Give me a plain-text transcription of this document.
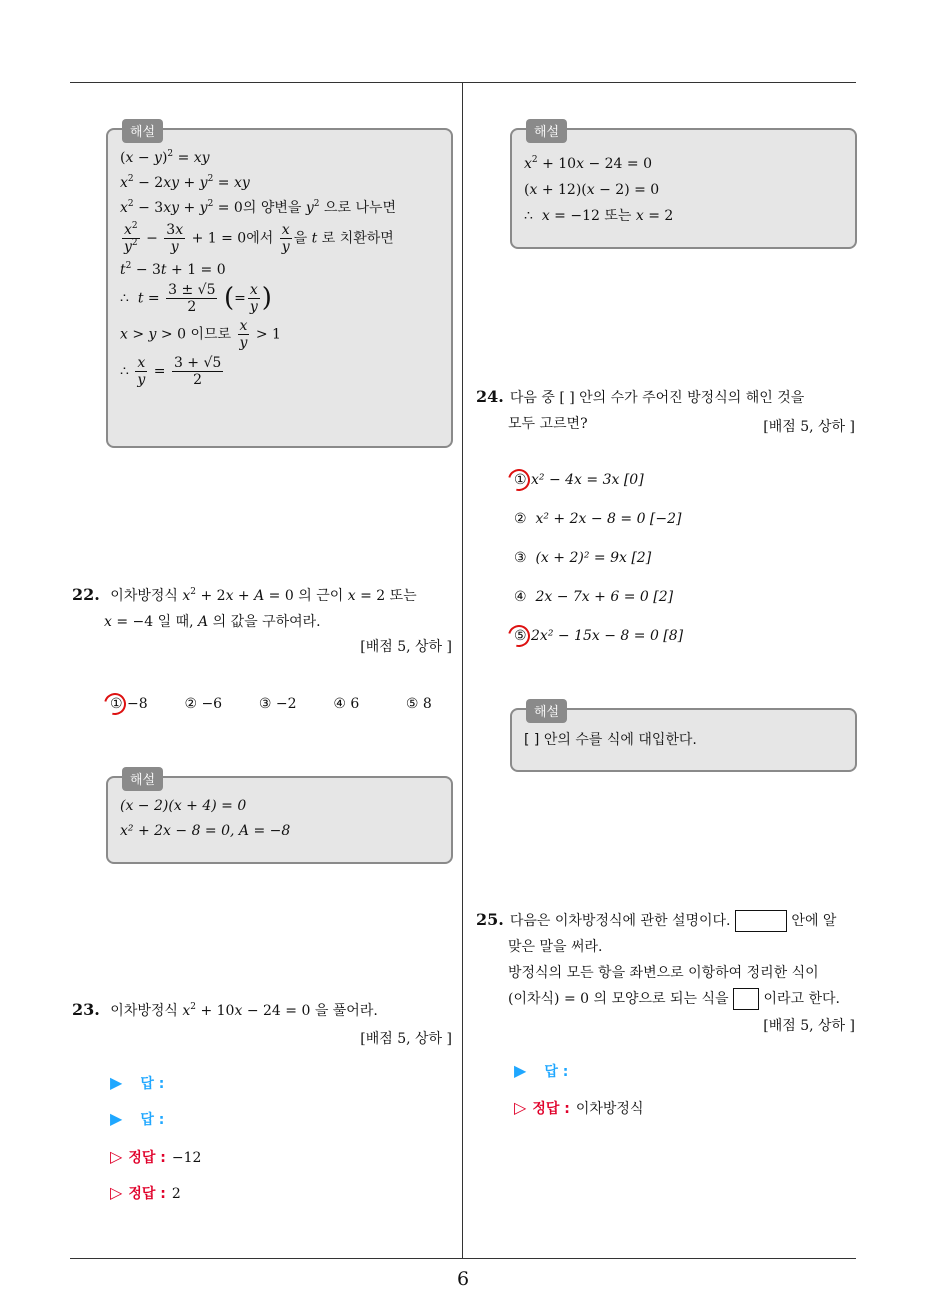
해설
$(x - y)^2$ = xy
$x^2 - 2xy + y^2$ = xy
$x^2 - 3xy + y^2 = 0$의 양변을 $y^2$ 으로 나누면
$\frac{x^2}{y^2} - \frac{3x}{y} + 1 = 0$에서 $\frac{x}{y}$ 을 t 로 치환하면
$t^2 - 3t + 1 = 0$
∴ $t = \frac{3 \pm √5}{2}$ (= $\frac{x}{y}$ )
x > y > 0 이므로 $\frac{x}{y} > 1$
∴ $\frac{x}{y} = \frac{3 + √5}{2}$
22. 이차방정식 $x^2 + 2x + A = 0$ 의 근이 x = 2 또는
x = −4 일 때, A 의 값을 구하여라.
[배점 5, 상하 ]
① −8	② −6	③ −2	④ 6	⑤ 8
해설
(x − 2)(x + 4) = 0
x² + 2x − 8 = 0, A = −8
23. 이차방정식 $x^2 + 10x - 24 = 0$ 을 풀어라.
[배점 5, 상하 ]
▶ 답 :
▶ 답 :
▷ 정답 : −12
▷ 정답 : 2
해설
$x^2 + 10x - 24 = 0$
(x + 12)(x − 2) = 0
∴  x = −12 또는 x = 2
24. 다음 중 [ ] 안의 수가 주어진 방정식의 해인 것을
모두 고르면?	[배점 5, 상하 ]
① x² − 4x = 3x [0]
② x² + 2x − 8 = 0 [−2]
③ (x + 2)² = 9x [2]
④ 2x − 7x + 6 = 0 [2]
⑤ 2x² − 15x − 8 = 0 [8]
해설
[ ] 안의 수를 식에 대입한다.
25. 다음은 이차방정식에 관한 설명이다.	안에 알
맞은 말을 써라.
방정식의 모든 항을 좌변으로 이항하여 정리한 식이
(이차식) = 0 의 모양으로 되는 식을 이라고 한다.
[배점 5, 상하 ]
▶ 답 :
▷ 정답 : 이차방정식
6
